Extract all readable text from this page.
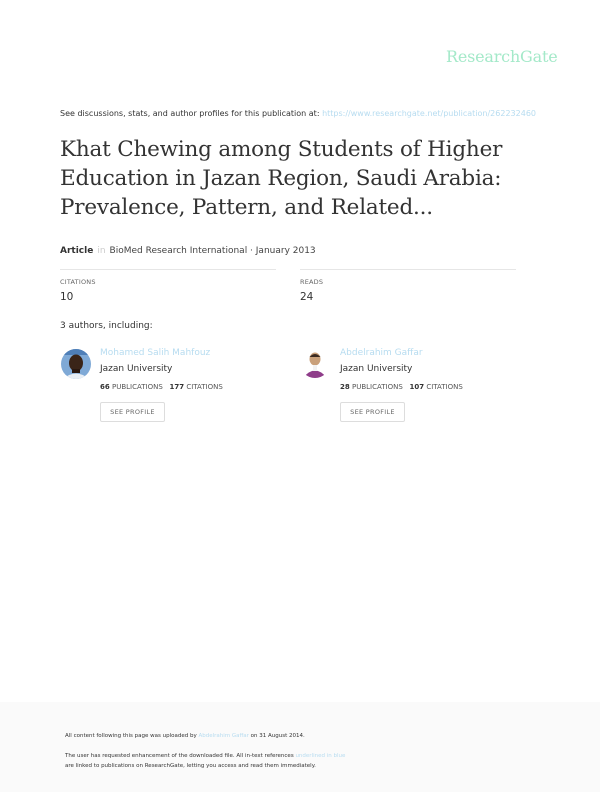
ResearchGate
See discussions, stats, and author profiles for this publication at: https://www.researchgate.net/publication/262232460
Khat Chewing among Students of Higher Education in Jazan Region, Saudi Arabia: Prevalence, Pattern, and Related...
Article in BioMed Research International · January 2013
CITATIONS
10
READS
24
3 authors, including:
Mohamed Salih Mahfouz
Jazan University
66 PUBLICATIONS 177 CITATIONS
SEE PROFILE
Abdelrahim Gaffar
Jazan University
28 PUBLICATIONS 107 CITATIONS
SEE PROFILE
All content following this page was uploaded by Abdelrahim Gaffar on 31 August 2014.
The user has requested enhancement of the downloaded file. All in-text references underlined in blue
are linked to publications on ResearchGate, letting you access and read them immediately.
